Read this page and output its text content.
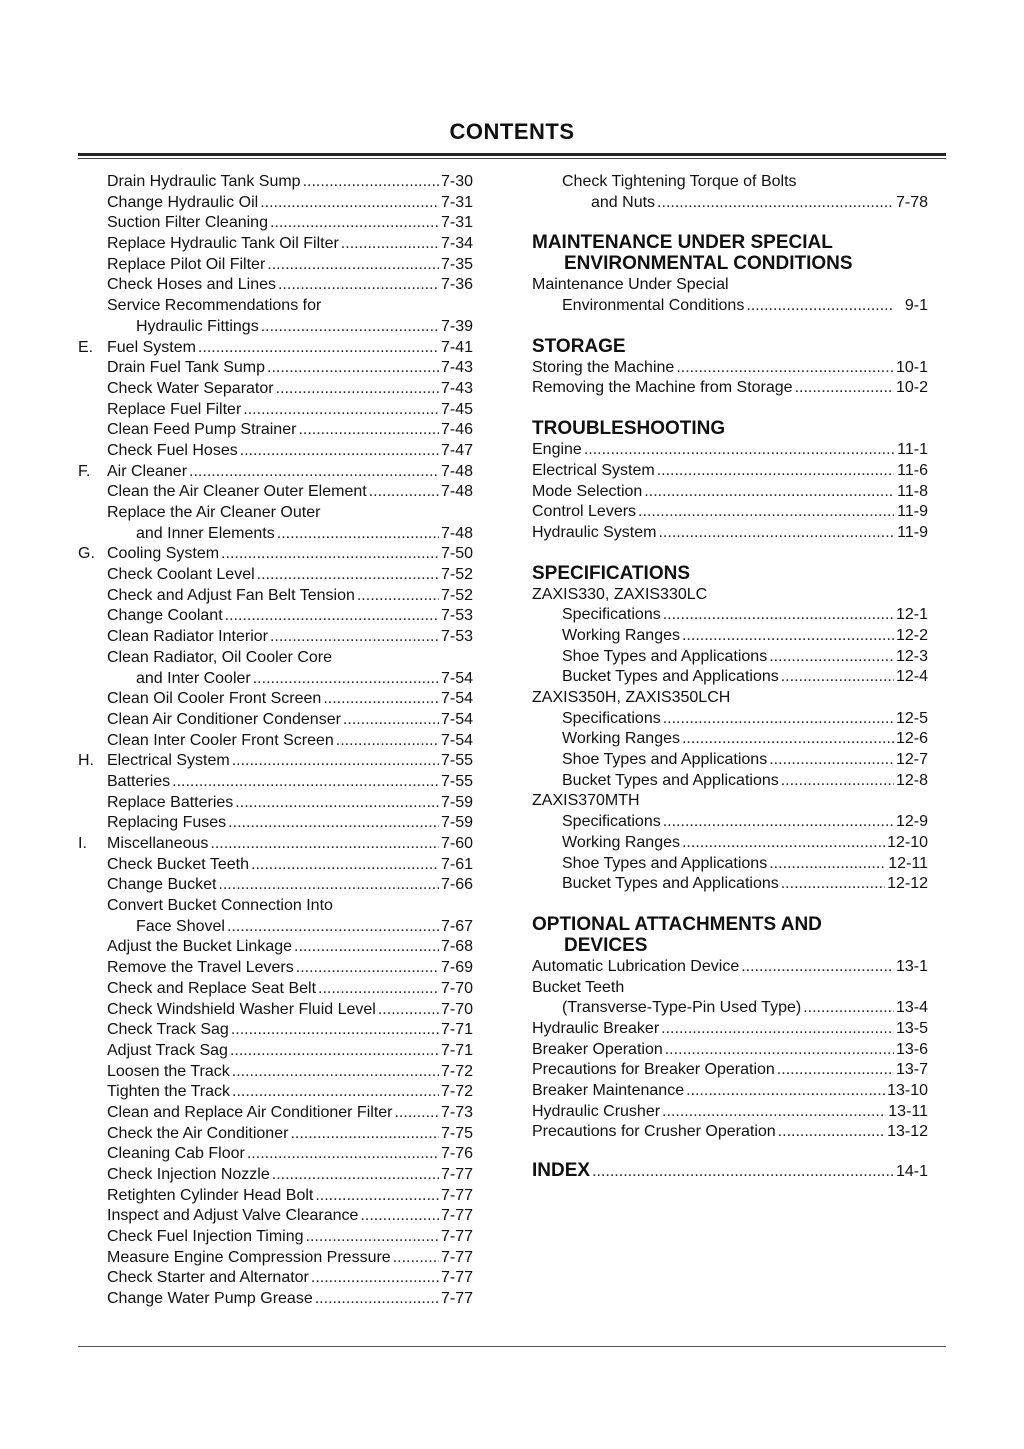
CONTENTS
Drain Hydraulic Tank Sump .....	7-30
Change Hydraulic Oil .....	7-31
Suction Filter Cleaning .....	7-31
Replace Hydraulic Tank Oil Filter .....	7-34
Replace Pilot Oil Filter .....	7-35
Check Hoses and Lines .....	7-36
Service Recommendations for
Hydraulic Fittings .....	7-39
E. Fuel System .....	7-41
Drain Fuel Tank Sump .....	7-43
Check Water Separator .....	7-43
Replace Fuel Filter .....	7-45
Clean Feed Pump Strainer .....	7-46
Check Fuel Hoses .....	7-47
F.	Air Cleaner .....	7-48
Clean the Air Cleaner Outer Element .....	7-48
Replace the Air Cleaner Outer
and Inner Elements .....	7-48
G. Cooling System .....	7-50
Check Coolant Level .....	7-52
Check and Adjust Fan Belt Tension .....	7-52
Change Coolant .....	7-53
Clean Radiator Interior .....	7-53
Clean Radiator, Oil Cooler Core
and Inter Cooler .....	7-54
Clean Oil Cooler Front Screen .....	7-54
Clean Air Conditioner Condenser .....	7-54
Clean Inter Cooler Front Screen .....	7-54
H. Electrical System .....	7-55
Batteries .....	7-55
Replace Batteries .....	7-59
Replacing Fuses .....	7-59
I.	Miscellaneous .....	7-60
Check Bucket Teeth .....	7-61
Change Bucket .....	7-66
Convert Bucket Connection Into
Face Shovel .....	7-67
Adjust the Bucket Linkage .....	7-68
Remove the Travel Levers .....	7-69
Check and Replace Seat Belt .....	7-70
Check Windshield Washer Fluid Level .....	7-70
Check Track Sag .....	7-71
Adjust Track Sag .....	7-71
Loosen the Track .....	7-72
Tighten the Track .....	7-72
Clean and Replace Air Conditioner Filter .....	7-73
Check the Air Conditioner .....	7-75
Cleaning Cab Floor .....	7-76
Check Injection Nozzle .....	7-77
Retighten Cylinder Head Bolt .....	7-77
Inspect and Adjust Valve Clearance .....	7-77
Check Fuel Injection Timing .....	7-77
Measure Engine Compression Pressure .....	7-77
Check Starter and Alternator .....	7-77
Change Water Pump Grease .....	7-77
Check Tightening Torque of Bolts
and Nuts .....	7-78
MAINTENANCE UNDER SPECIAL
ENVIRONMENTAL CONDITIONS
Maintenance Under Special
Environmental Conditions .....	9-1
STORAGE
Storing the Machine .....	10-1
Removing the Machine from Storage .....	10-2
TROUBLESHOOTING
Engine .....	11-1
Electrical System .....	11-6
Mode Selection .....	11-8
Control Levers .....	11-9
Hydraulic System .....	11-9
SPECIFICATIONS
ZAXIS330, ZAXIS330LC
Specifications .....	12-1
Working Ranges .....	12-2
Shoe Types and Applications .....	12-3
Bucket Types and Applications .....	12-4
ZAXIS350H, ZAXIS350LCH
Specifications .....	12-5
Working Ranges .....	12-6
Shoe Types and Applications .....	12-7
Bucket Types and Applications .....	12-8
ZAXIS370MTH
Specifications .....	12-9
Working Ranges .....	12-10
Shoe Types and Applications .....	12-11
Bucket Types and Applications .....	12-12
OPTIONAL ATTACHMENTS AND
DEVICES
Automatic Lubrication Device .....	13-1
Bucket Teeth
(Transverse-Type-Pin Used Type) .....	13-4
Hydraulic Breaker .....	13-5
Breaker Operation .....	13-6
Precautions for Breaker Operation .....	13-7
Breaker Maintenance .....	13-10
Hydraulic Crusher .....	13-11
Precautions for Crusher Operation .....	13-12
INDEX .....	14-1
